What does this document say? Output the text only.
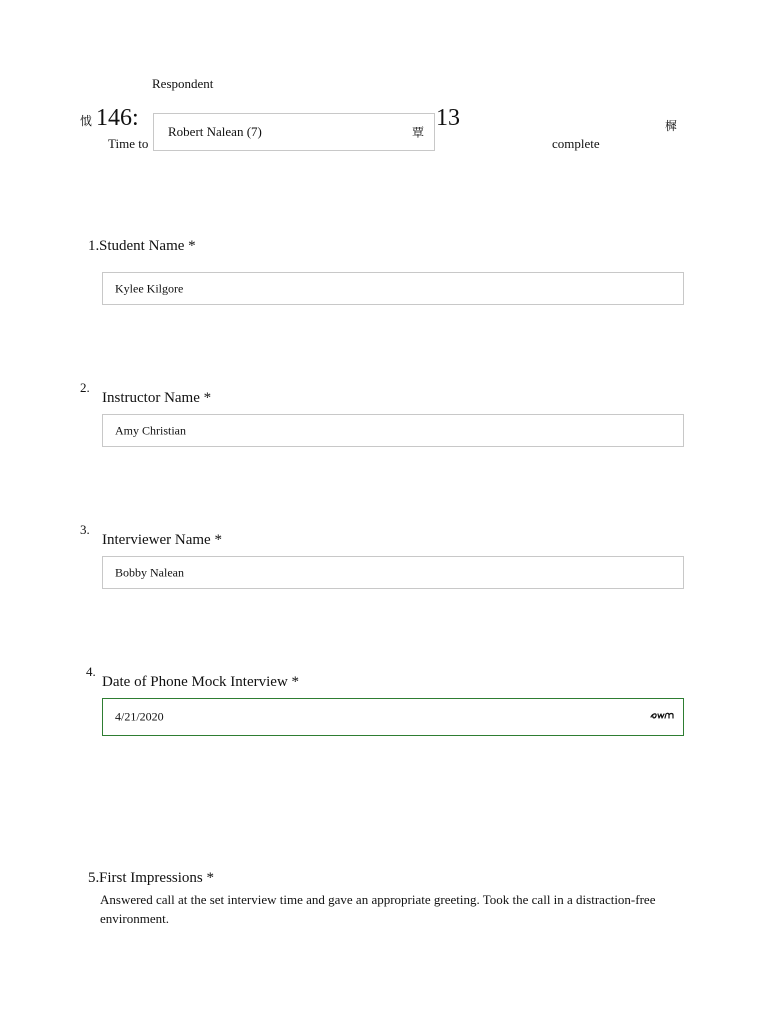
Respondent
怴 146:
Time to
Robert Nalean (7)	覃
13
complete
樨
1. Student Name *
Kylee Kilgore
2.
Instructor Name *
Amy Christian
3.
Interviewer Name *
Bobby Nalean
4.
Date of Phone Mock Interview *
4/21/2020
5. First Impressions *
Answered call at the set interview time and gave an appropriate greeting. Took the call in a distraction-free environment.
